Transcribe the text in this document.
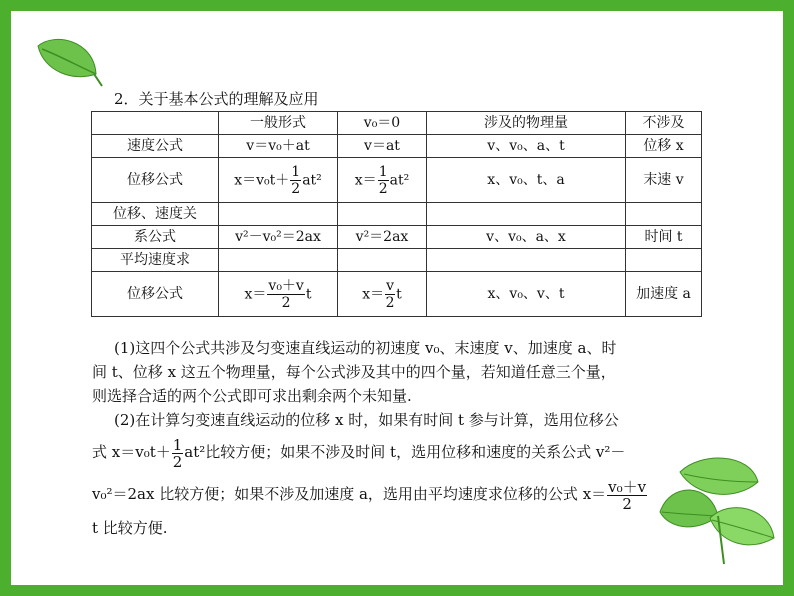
2．关于基本公式的理解及应用
	一般形式	v₀＝0	涉及的物理量	不涉及
速度公式	v＝v₀＋at	v＝at	v、v₀、a、t	位移 x
位移公式	$x=v_0t+ \frac{1}{2} at^2$	$x= \frac{1}{2} at^2$	x、v₀、t、a	末速 v
位移、速度关				
系公式	v²－v₀²＝2ax	v²＝2ax	v、v₀、a、x	时间 t
平均速度求				
位移公式	$x= \frac{\text{v₀＋v}}{2}$ t	$x= \frac{v}{2}$ t	x、v₀、v、t	加速度 a
(1)这四个公式共涉及匀变速直线运动的初速度 v₀、末速度 v、加速度 a、时
间 t、位移 x 这五个物理量，每个公式涉及其中的四个量，若知道任意三个量，
则选择合适的两个公式即可求出剩余两个未知量.
(2)在计算匀变速直线运动的位移 x 时，如果有时间 t 参与计算，选用位移公
式 $x=v_0t+ \frac{1}{2} at^2$比较方便；如果不涉及时间 t，选用位移和速度的关系公式 v²－
v₀²＝2ax 比较方便；如果不涉及加速度 a，选用由平均速度求位移的公式 $x= \frac{\text{v₀＋v}}{2}$
t 比较方便.
